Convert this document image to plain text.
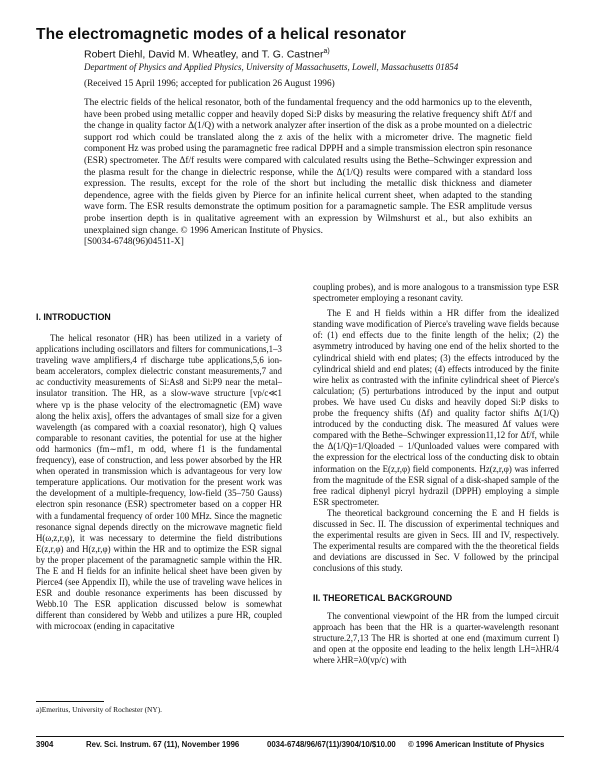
The electromagnetic modes of a helical resonator
Robert Diehl, David M. Wheatley, and T. G. Castner$^{a)}$
Department of Physics and Applied Physics, University of Massachusetts, Lowell, Massachusetts 01854
(Received 15 April 1996; accepted for publication 26 August 1996)

The electric fields of the helical resonator, both of the fundamental frequency and the odd harmonics up to the eleventh, have been probed using metallic copper and heavily doped Si:P disks by measuring the relative frequency shift Δf/f and the change in quality factor Δ(1/Q) with a network analyzer after insertion of the disk as a probe mounted on a dielectric support rod which could be translated along the z axis of the helix with a micrometer drive. The magnetic field component Hz was probed using the paramagnetic free radical DPPH and a simple transmission electron spin resonance (ESR) spectrometer. The Δf/f results were compared with calculated results using the Bethe–Schwinger expression and the plasma result for the change in dielectric response, while the Δ(1/Q) results were compared with a standard loss expression. The results, except for the role of the short but including the metallic disk thickness and diameter dependence, agree with the fields given by Pierce for an infinite helical current sheet, when adapted to the standing wave form. The ESR results demonstrate the optimum position for a paramagnetic sample. The ESR amplitude versus probe insertion depth is in qualitative agreement with an expression by Wilmshurst et al., but also exhibits an unexplained sign change. © 1996 American Institute of Physics.

[S0034-6748(96)04511-X]
I. INTRODUCTION

The helical resonator (HR) has been utilized in a variety of applications including oscillators and filters for communications,1–3 traveling wave amplifiers,4 rf discharge tube applications,5,6 ion-beam accelerators, complex dielectric constant measurements,7 and ac conductivity measurements of Si:As8 and Si:P9 near the metal–insulator transition. The HR, as a slow-wave structure [vp/c≪1 where vp is the phase velocity of the electromagnetic (EM) wave along the helix axis], offers the advantages of small size for a given wavelength (as compared with a coaxial resonator), high Q values comparable to resonant cavities, the potential for use at the higher odd harmonics (fm∼mf1, m odd, where f1 is the fundamental frequency), ease of construction, and less power absorbed by the HR when operated in transmission which is advantageous for very low temperature applications. Our motivation for the present work was the development of a multiple-frequency, low-field (35–750 Gauss) electron spin resonance (ESR) spectrometer based on a copper HR with a fundamental frequency of order 100 MHz. Since the magnetic resonance signal depends directly on the microwave magnetic field H(ω,z,r,φ), it was necessary to determine the field distributions E(z,r,φ) and H(z,r,φ) within the HR and to optimize the ESR signal by the proper placement of the paramagnetic sample within the HR. The E and H fields for an infinite helical sheet have been given by Pierce4 (see Appendix II), while the use of traveling wave helices in ESR and double resonance experiments has been discussed by Webb.10 The ESR application discussed below is somewhat different than considered by Webb and utilizes a pure HR, coupled with microcoax (ending in capacitative

coupling probes), and is more analogous to a transmission type ESR spectrometer employing a resonant cavity.

The E and H fields within a HR differ from the idealized standing wave modification of Pierce's traveling wave fields because of: (1) end effects due to the finite length of the helix; (2) the asymmetry introduced by having one end of the helix shorted to the cylindrical shield with end plates; (3) the effects introduced by the cylindrical shield and end plates; (4) effects introduced by the finite wire helix as contrasted with the infinite cylindrical sheet of Pierce's calculation; (5) perturbations introduced by the input and output probes. We have used Cu disks and heavily doped Si:P disks to probe the frequency shifts (Δf) and quality factor shifts Δ(1/Q) introduced by the conducting disk. The measured Δf values were compared with the Bethe–Schwinger expression11,12 for Δf/f, while the Δ(1/Q)=1/Qloaded − 1/Qunloaded values were compared with the expression for the electrical loss of the conducting disk to obtain information on the E(z,r,φ) field components. Hz(z,r,φ) was inferred from the magnitude of the ESR signal of a disk-shaped sample of the free radical diphenyl picryl hydrazil (DPPH) employing a simple ESR spectrometer.

The theoretical background concerning the E and H fields is discussed in Sec. II. The discussion of experimental techniques and the experimental results are given in Secs. III and IV, respectively. The experimental results are compared with the the theoretical fields and deviations are discussed in Sec. V followed by the principal conclusions of this study.

II. THEORETICAL BACKGROUND

The conventional viewpoint of the HR from the lumped circuit approach has been that the HR is a quarter-wavelength resonant structure.2,7,13 The HR is shorted at one end (maximum current I) and open at the opposite end leading to the helix length LH=λHR/4 where λHR=λ0(vp/c) with

a)Emeritus, University of Rochester (NY).
3904	Rev. Sci. Instrum. 67 (11), November 1996	0034-6748/96/67(11)/3904/10/$10.00 © 1996 American Institute of Physics
